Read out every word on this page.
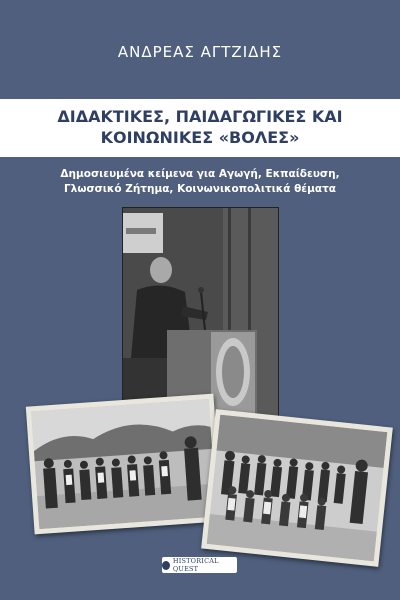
ΑΝΔΡΕΑΣ ΑΓΤΖΙΔΗΣ
ΔΙΔΑΚΤΙΚΕΣ, ΠΑΙΔΑΓΩΓΙΚΕΣ ΚΑΙ
ΚΟΙΝΩΝΙΚΕΣ «ΒΟΛΕΣ»
Δημοσιευμένα κείμενα για Αγωγή, Εκπαίδευση,
Γλωσσικό Ζήτημα, Κοινωνικοπολιτικά θέματα
HISTORICAL QUEST
